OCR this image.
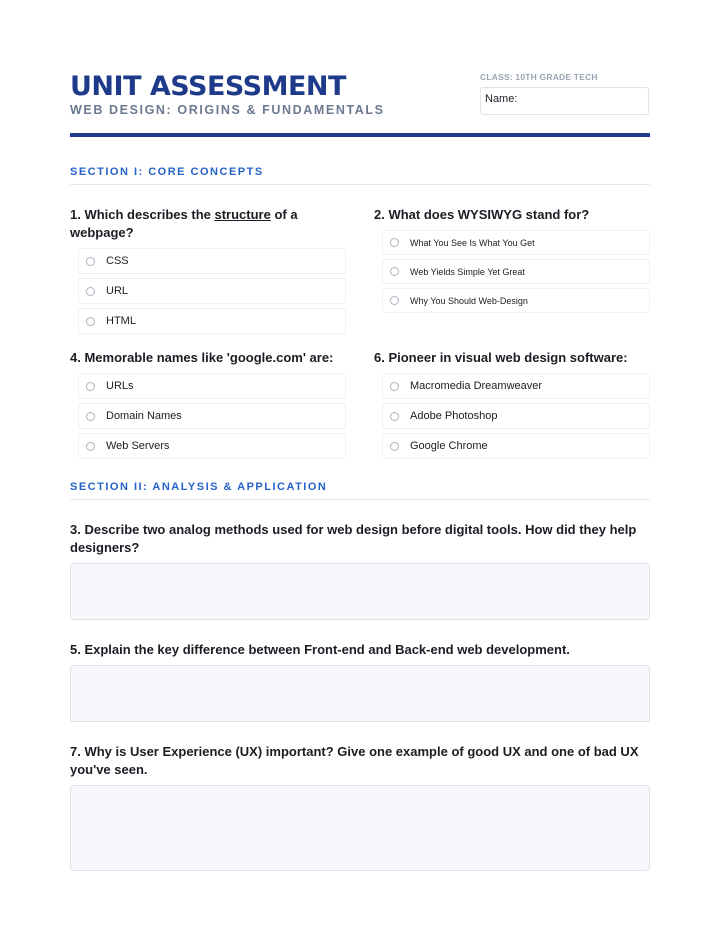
UNIT ASSESSMENT
WEB DESIGN: ORIGINS & FUNDAMENTALS
CLASS: 10TH GRADE TECH
Name:
SECTION I: CORE CONCEPTS

1. Which describes the structure of a webpage?

CSS
URL
HTML

2. What does WYSIWYG stand for?

What You See Is What You Get
Web Yields Simple Yet Great
Why You Should Web-Design

4. Memorable names like 'google.com' are:

URLs
Domain Names
Web Servers

6. Pioneer in visual web design software:

Macromedia Dreamweaver
Adobe Photoshop
Google Chrome
SECTION II: ANALYSIS & APPLICATION

3. Describe two analog methods used for web design before digital tools. How did they help designers?

5. Explain the key difference between Front-end and Back-end web development.

7. Why is User Experience (UX) important? Give one example of good UX and one of bad UX you've seen.
